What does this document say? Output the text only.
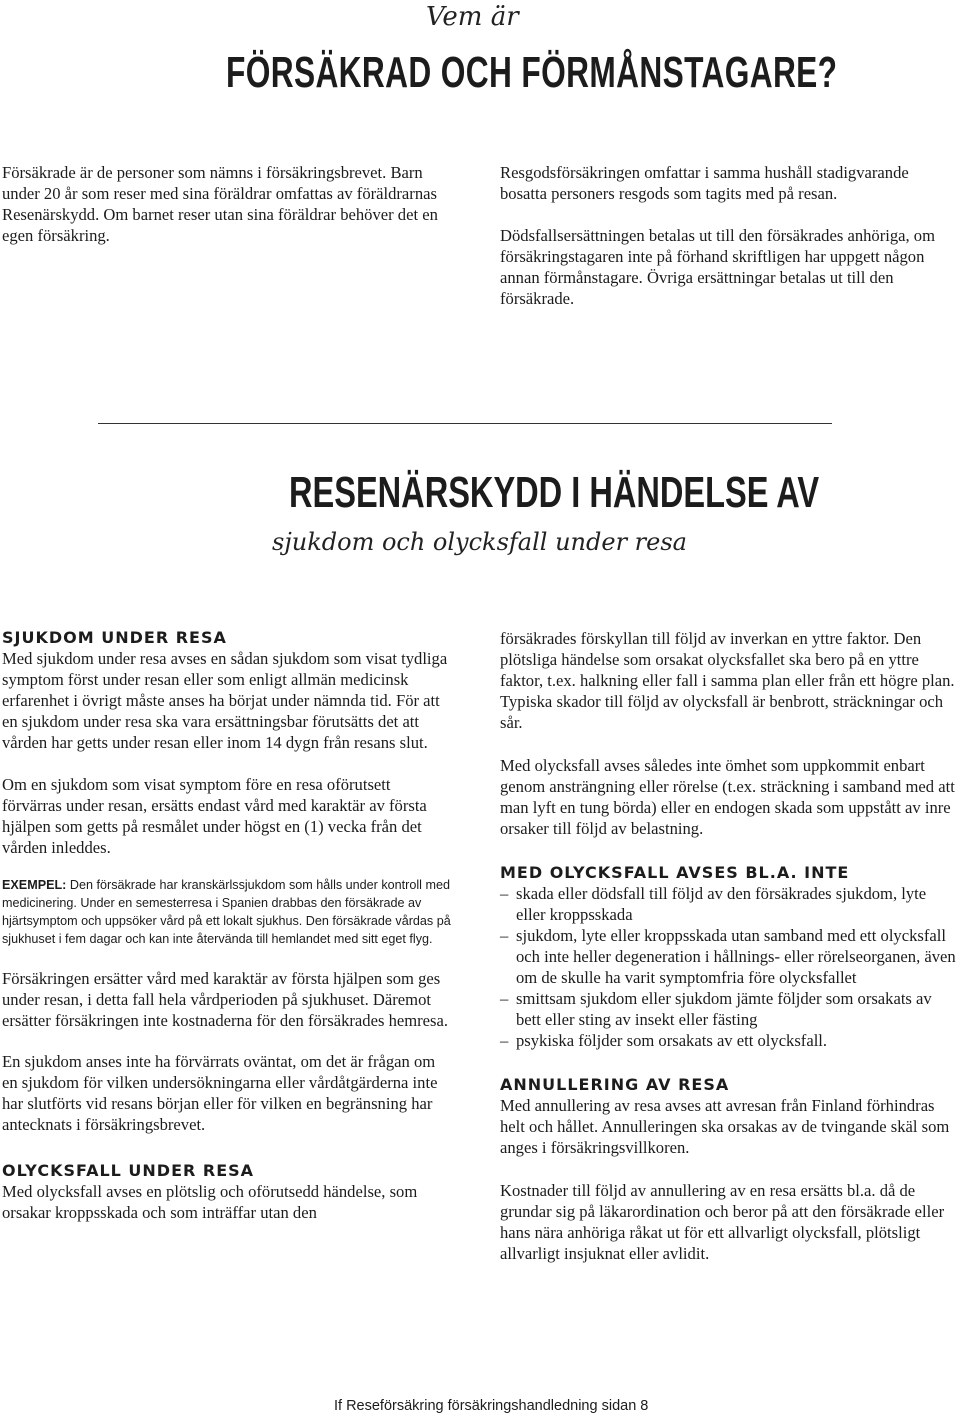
Vem är
FÖRSÄKRAD OCH FÖRMÅNSTAGARE?

Försäkrade är de personer som nämns i försäkringsbrevet. Barn under 20 år som reser med sina föräldrar omfattas av föräldrarnas Resenärskydd. Om barnet reser utan sina föräldrar behöver det en egen försäkring.

Resgodsförsäkringen omfattar i samma hushåll stadigvarande bosatta personers resgods som tagits med på resan.

Dödsfallsersättningen betalas ut till den försäkrades anhöriga, om försäkringstagaren inte på förhand skriftligen har uppgett någon annan förmånstagare. Övriga ersättningar betalas ut till den försäkrade.

RESENÄRSKYDD I HÄNDELSE AV
sjukdom och olycksfall under resa
SJUKDOM UNDER RESA

Med sjukdom under resa avses en sådan sjukdom som visat tydliga symptom först under resan eller som enligt allmän medicinsk erfarenhet i övrigt måste anses ha börjat under nämnda tid. För att en sjukdom under resa ska vara ersättningsbar förutsätts det att vården har getts under resan eller inom 14 dygn från resans slut.

Om en sjukdom som visat symptom före en resa oförutsett förvärras under resan, ersätts endast vård med karaktär av första hjälpen som getts på resmålet under högst en (1) vecka från det vården inleddes.

EXEMPEL: Den försäkrade har kranskärlssjukdom som hålls under kontroll med medicinering. Under en semesterresa i Spanien drabbas den försäkrade av hjärtsymptom och uppsöker vård på ett lokalt sjukhus. Den försäkrade vårdas på sjukhuset i fem dagar och kan inte återvända till hemlandet med sitt eget flyg.

Försäkringen ersätter vård med karaktär av första hjälpen som ges under resan, i detta fall hela vårdperioden på sjukhuset. Däremot ersätter försäkringen inte kostnaderna för den försäkrades hemresa.

En sjukdom anses inte ha förvärrats oväntat, om det är frågan om en sjukdom för vilken undersökningarna eller vårdåtgärderna inte har slutförts vid resans början eller för vilken en begränsning har antecknats i försäkringsbrevet.

OLYCKSFALL UNDER RESA

Med olycksfall avses en plötslig och oförutsedd händelse, som orsakar kroppsskada och som inträffar utan den

försäkrades förskyllan till följd av inverkan en yttre faktor. Den plötsliga händelse som orsakat olycksfallet ska bero på en yttre faktor, t.ex. halkning eller fall i samma plan eller från ett högre plan. Typiska skador till följd av olycksfall är benbrott, sträckningar och sår.

Med olycksfall avses således inte ömhet som uppkommit enbart genom ansträngning eller rörelse (t.ex. sträckning i samband med att man lyft en tung börda) eller en endogen skada som uppstått av inre orsaker till följd av belastning.

MED OLYCKSFALL AVSES BL.A. INTE
– skada eller dödsfall till följd av den försäkrades sjukdom, lyte eller kroppsskada
– sjukdom, lyte eller kroppsskada utan samband med ett olycksfall och inte heller degeneration i hållnings- eller rörelseorganen, även om de skulle ha varit symptomfria före olycksfallet
– smittsam sjukdom eller sjukdom jämte följder som orsakats av bett eller sting av insekt eller fästing
– psykiska följder som orsakats av ett olycksfall.
ANNULLERING AV RESA

Med annullering av resa avses att avresan från Finland förhindras helt och hållet. Annulleringen ska orsakas av de tvingande skäl som anges i försäkringsvillkoren.

Kostnader till följd av annullering av en resa ersätts bl.a. då de grundar sig på läkarordination och beror på att den försäkrade eller hans nära anhöriga råkat ut för ett allvarligt olycksfall, plötsligt allvarligt insjuknat eller avlidit.

If Reseförsäkring försäkringshandledning sidan 8
